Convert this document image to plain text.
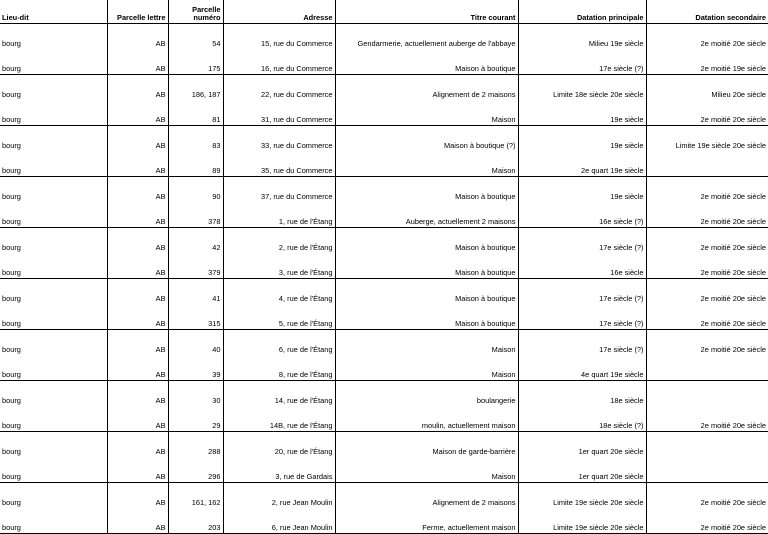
Lieu-dit	Parcelle lettre	Parcelle
numéro	Adresse	Titre courant	Datation principale	Datation secondaire
bourg	AB	54	15, rue du Commerce	Gendarmerie, actuellement auberge de l'abbaye	Milieu 19e siècle	2e moitié 20e siècle
bourg	AB	175	16, rue du Commerce	Maison à boutique	17e siècle (?)	2e moitié 19e siècle
bourg	AB	186, 187	22, rue du Commerce	Alignement de 2 maisons	Limite 18e siècle 20e siècle	Milieu 20e siècle
bourg	AB	81	31, rue du Commerce	Maison	19e siècle	2e moitié 20e siècle
bourg	AB	83	33, rue du Commerce	Maison à boutique (?)	19e siècle	Limite 19e siècle 20e siècle
bourg	AB	89	35, rue du Commerce	Maison	2e quart 19e siècle	
bourg	AB	90	37, rue du Commerce	Maison à boutique	19e siècle	2e moitié 20e siècle
bourg	AB	378	1, rue de l'Étang	Auberge, actuellement 2 maisons	16e siècle (?)	2e moitié 20e siècle
bourg	AB	42	2, rue de l'Étang	Maison à boutique	17e siècle (?)	2e moitié 20e siècle
bourg	AB	379	3, rue de l'Étang	Maison à boutique	16e siècle	2e moitié 20e siècle
bourg	AB	41	4, rue de l'Étang	Maison à boutique	17e siècle (?)	2e moitié 20e siècle
bourg	AB	315	5, rue de l'Étang	Maison à boutique	17e siècle (?)	2e moitié 20e siècle
bourg	AB	40	6, rue de l'Étang	Maison	17e siècle (?)	2e moitié 20e siècle
bourg	AB	39	8, rue de l'Étang	Maison	4e quart 19e siècle	
bourg	AB	30	14, rue de l'Étang	boulangerie	18e siècle	
bourg	AB	29	14B, rue de l'Étang	moulin, actuellement maison	18e siècle (?)	2e moitié 20e siècle
bourg	AB	288	20, rue de l'Étang	Maison de garde-barrière	1er quart 20e siècle	
bourg	AB	296	3, rue de Gardais	Maison	1er quart 20e siècle	
bourg	AB	161, 162	2, rue Jean Moulin	Alignement de 2 maisons	Limite 19e siècle 20e siècle	2e moitié 20e siècle
bourg	AB	203	6, rue Jean Moulin	Ferme, actuellement maison	Limite 19e siècle 20e siècle	2e moitié 20e siècle
